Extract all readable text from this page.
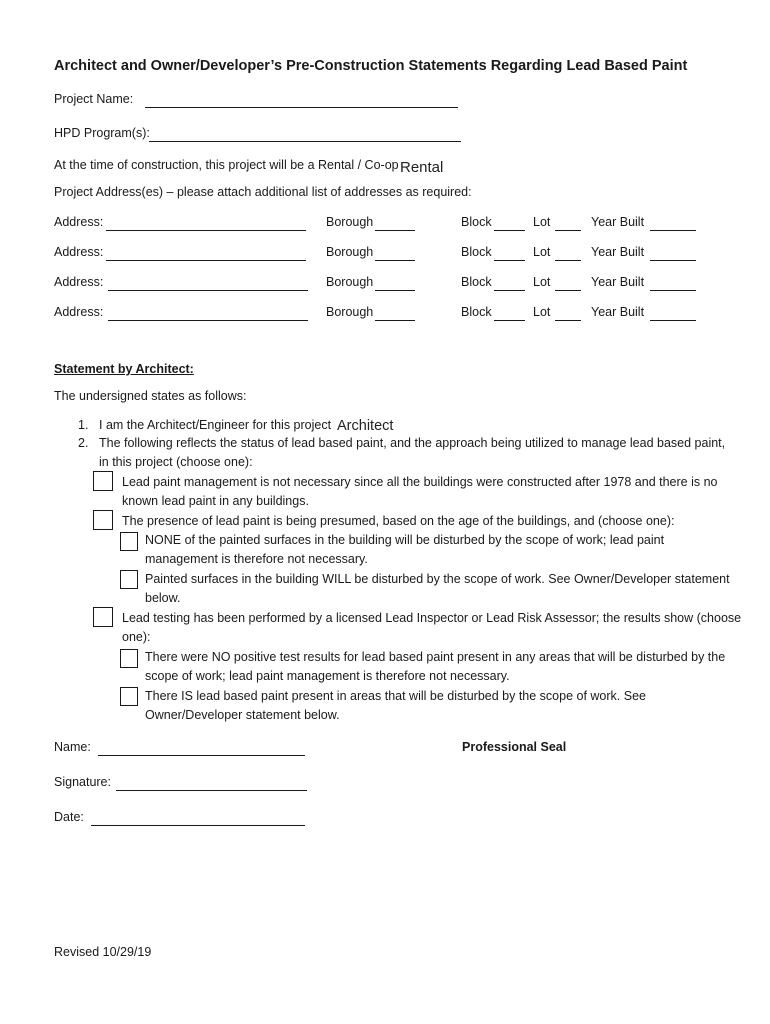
Architect and Owner/Developer’s Pre-Construction Statements Regarding Lead Based Paint
Project Name:
HPD Program(s):
At the time of construction, this project will be a Rental / Co-op Rental
Project Address(es) – please attach additional list of addresses as required:
Address:	Borough	Block	Lot	Year Built
Address:	Borough	Block	Lot	Year Built
Address:	Borough	Block	Lot	Year Built
Address:	Borough	Block	Lot	Year Built
Statement by Architect:
The undersigned states as follows:
1. I am the Architect/Engineer for this project Architect
2. The following reflects the status of lead based paint, and the approach being utilized to manage lead based paint,
in this project (choose one):
Lead paint management is not necessary since all the buildings were constructed after 1978 and there is no
known lead paint in any buildings.
The presence of lead paint is being presumed, based on the age of the buildings, and (choose one):
NONE of the painted surfaces in the building will be disturbed by the scope of work; lead paint
management is therefore not necessary.
Painted surfaces in the building WILL be disturbed by the scope of work. See Owner/Developer statement
below.
Lead testing has been performed by a licensed Lead Inspector or Lead Risk Assessor; the results show (choose
one):
There were NO positive test results for lead based paint present in any areas that will be disturbed by the
scope of work; lead paint management is therefore not necessary.
There IS lead based paint present in areas that will be disturbed by the scope of work. See
Owner/Developer statement below.
Name:	Professional Seal
Signature:
Date:
Revised 10/29/19
